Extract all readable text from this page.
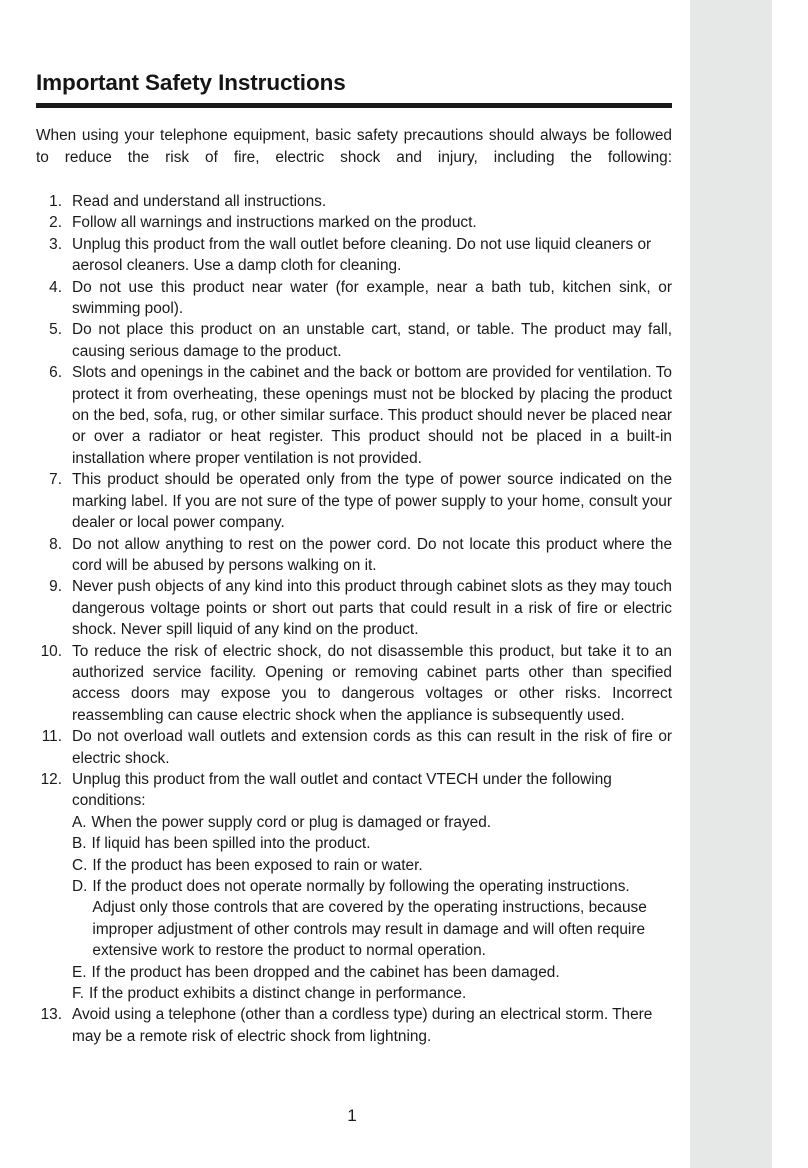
Important Safety Instructions
When using your telephone equipment, basic safety precautions should always be followed to reduce the risk of fire, electric shock and injury, including the following:
1. Read and understand all instructions.
2. Follow all warnings and instructions marked on the product.
3. Unplug this product from the wall outlet before cleaning. Do not use liquid cleaners or aerosol cleaners. Use a damp cloth for cleaning.
4. Do not use this product near water (for example, near a bath tub, kitchen sink, or swimming pool).
5. Do not place this product on an unstable cart, stand, or table. The product may fall, causing serious damage to the product.
6. Slots and openings in the cabinet and the back or bottom are provided for ventilation. To protect it from overheating, these openings must not be blocked by placing the product on the bed, sofa, rug, or other similar surface. This product should never be placed near or over a radiator or heat register. This product should not be placed in a built-in installation where proper ventilation is not provided.
7. This product should be operated only from the type of power source indicated on the marking label. If you are not sure of the type of power supply to your home, consult your dealer or local power company.
8. Do not allow anything to rest on the power cord. Do not locate this product where the cord will be abused by persons walking on it.
9. Never push objects of any kind into this product through cabinet slots as they may touch dangerous voltage points or short out parts that could result in a risk of fire or electric shock. Never spill liquid of any kind on the product.
10. To reduce the risk of electric shock, do not disassemble this product, but take it to an authorized service facility. Opening or removing cabinet parts other than specified access doors may expose you to dangerous voltages or other risks. Incorrect reassembling can cause electric shock when the appliance is subsequently used.
11. Do not overload wall outlets and extension cords as this can result in the risk of fire or electric shock.
12. Unplug this product from the wall outlet and contact VTECH under the following conditions:
A. When the power supply cord or plug is damaged or frayed.
B. If liquid has been spilled into the product.
C. If the product has been exposed to rain or water.
D. If the product does not operate normally by following the operating instructions. Adjust only those controls that are covered by the operating instructions, because improper adjustment of other controls may result in damage and will often require extensive work to restore the product to normal operation.
E. If the product has been dropped and the cabinet has been damaged.
F. If the product exhibits a distinct change in performance.
13. Avoid using a telephone (other than a cordless type) during an electrical storm. There may be a remote risk of electric shock from lightning.
1
